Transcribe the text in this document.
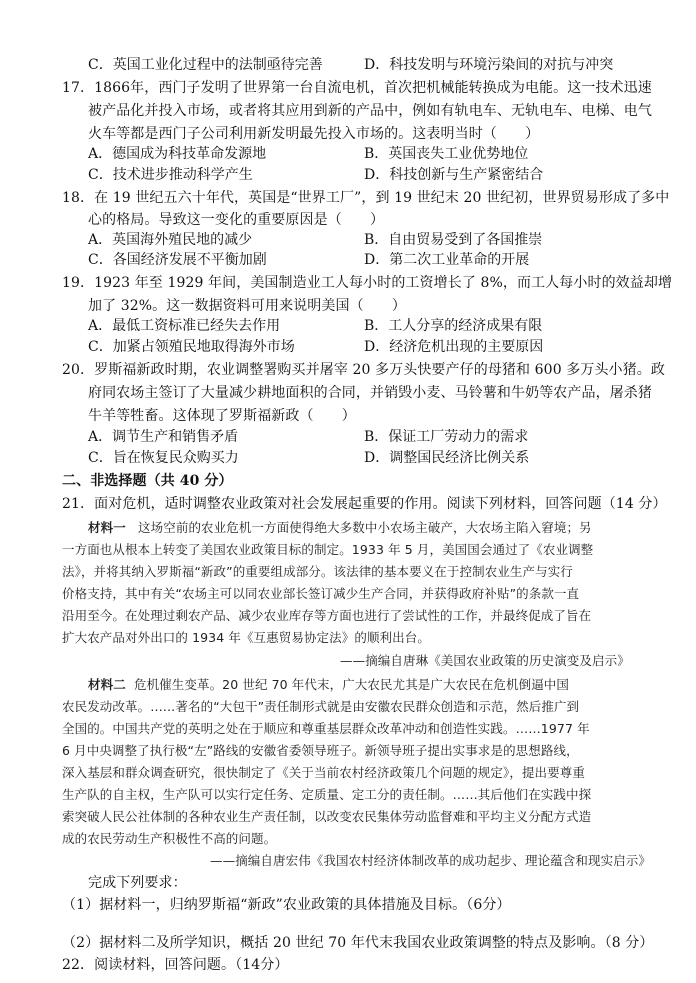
C．英国工业化过程中的法制亟待完善	D．科技发明与环境污染间的对抗与冲突
17．1866年，西门子发明了世界第一台自流电机，首次把机械能转换成为电能。这一技术迅速
被产品化并投入市场，或者将其应用到新的产品中，例如有轨电车、无轨电车、电梯、电气
火车等都是西门子公司利用新发明最先投入市场的。这表明当时（　　）
A．德国成为科技革命发源地	B．英国丧失工业优势地位
C．技术进步推动科学产生	D．科技创新与生产紧密结合
18．在 19 世纪五六十年代，英国是“世界工厂”，到 19 世纪末 20 世纪初，世界贸易形成了多中
心的格局。导致这一变化的重要原因是（　　）
A．英国海外殖民地的减少	B．自由贸易受到了各国推崇
C．各国经济发展不平衡加剧	D．第二次工业革命的开展
19．1923 年至 1929 年间，美国制造业工人每小时的工资增长了 8%，而工人每小时的效益却增
加了 32%。这一数据资料可用来说明美国（　　）
A．最低工资标准已经失去作用	B．工人分享的经济成果有限
C．加紧占领殖民地取得海外市场	D．经济危机出现的主要原因
20．罗斯福新政时期，农业调整署购买并屠宰 20 多万头快要产仔的母猪和 600 多万头小猪。政
府同农场主签订了大量减少耕地面积的合同，并销毁小麦、马铃薯和牛奶等农产品，屠杀猪
牛羊等牲畜。这体现了罗斯福新政（　　）
A．调节生产和销售矛盾	B．保证工厂劳动力的需求
C．旨在恢复民众购买力	D．调整国民经济比例关系
二、非选择题（共 40 分）
21．面对危机，适时调整农业政策对社会发展起重要的作用。阅读下列材料，回答问题（14 分）
材料一 这场空前的农业危机一方面使得绝大多数中小农场主破产，大农场主陷入窘境；另
一方面也从根本上转变了美国农业政策目标的制定。1933 年 5 月，美国国会通过了《农业调整
法》，并将其纳入罗斯福“新政”的重要组成部分。该法律的基本要义在于控制农业生产与实行
价格支持，其中有关“农场主可以同农业部长签订减少生产合同，并获得政府补贴”的条款一直
沿用至今。在处理过剩农产品、减少农业库存等方面也进行了尝试性的工作，并最终促成了旨在
扩大农产品对外出口的 1934 年《互惠贸易协定法》的顺利出台。
——摘编自唐琳《美国农业政策的历史演变及启示》
材料二 危机催生变革。20 世纪 70 年代末，广大农民尤其是广大农民在危机倒逼中国
农民发动改革。……著名的“大包干”责任制形式就是由安徽农民群众创造和示范，然后推广到
全国的。中国共产党的英明之处在于顺应和尊重基层群众改革冲动和创造性实践。……1977 年
6 月中央调整了执行极“左”路线的安徽省委领导班子。新领导班子提出实事求是的思想路线，
深入基层和群众调查研究，很快制定了《关于当前农村经济政策几个问题的规定》，提出要尊重
生产队的自主权，生产队可以实行定任务、定质量、定工分的责任制。……其后他们在实践中探
索突破人民公社体制的各种农业生产责任制，以改变农民集体劳动监督难和平均主义分配方式造
成的农民劳动生产积极性不高的问题。
——摘编自唐宏伟《我国农村经济体制改革的成功起步、理论蕴含和现实启示》
完成下列要求：
（1）据材料一，归纳罗斯福“新政”农业政策的具体措施及目标。（6分）
（2）据材料二及所学知识，概括 20 世纪 70 年代末我国农业政策调整的特点及影响。（8 分）
22．阅读材料，回答问题。（14分）
